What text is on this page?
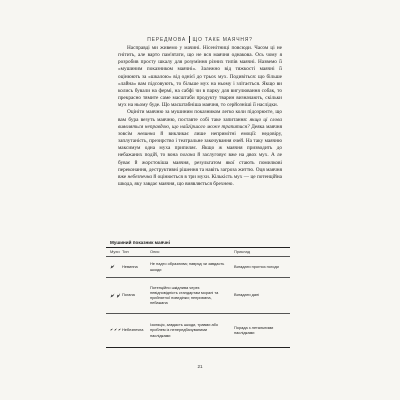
ПЕРЕДМОВА ЩО ТАКЕ МАЯЧНЯ?

Насправді ми живемо у мачині. Нісенітниці повсюди. Часом ці не гнітить, але варто пам'ятати, що не вся маячня однакова. Ось чому я розробив просту шкалу для розуміння різних типів маячні. Назвемо її «мушиним показником маячні». Залежно від тяжкості маячні її оцінюють за «шкалою» від однієї до трьох мух. Подивіться: що більше «лайна» вам підсовують, то більше мух на ньому і злітається. Якщо ви колись бували на фермі, на сабфі чи в парку для вигулювання собак, то прекрасно тямите саме масштаби продукту тварин визначають, скільки мух на ньому буде. Що масштабніша маячня, то серйозніші її наслідки.

Оцініти маячню за мушиним показником легко коли підозрюєте, що вам бура везуть маячню, поставте собі таке запитання: якщо ці слова виявляться неправдою, що найгіршого може трапитися? Деяка маячня зовсім невинна й викликає лише непримітні емоції: недовіру, заплутаність, презирство і театральне закочування очей. На таку маячню максимум одна муха припиляє. Якщо ж маячня призводить до небажаних подій, то вона погана й заслуговує вже на двох мух. А ле буває й жорстокіша маячня, результатом якої стають помилкові переконання, деструктивні рішення та навіть загроза життю. Оця маячня вже небезпечна й оцінюється в три мухи. Кількість мух — це потенційна шкода, яку завдає маячня, що виявляється брехнею.

Мушиний показник маячні
Мухи Тип	Опис	Приклад
Невинна
Не надто образлива; навряд чи завдасть шкоди
Вигадати прогноз погоди
Погана
Потенційно шкідлива через невідповідність стандартам моралі та прийнятної поведінки; неприємна, небажана
Вигадати дані
Небезпечна
Ізоляція, завдасть шкоди, травми або проблем із непередбачуваними наслідками
Порада з летальними наслідками
21
